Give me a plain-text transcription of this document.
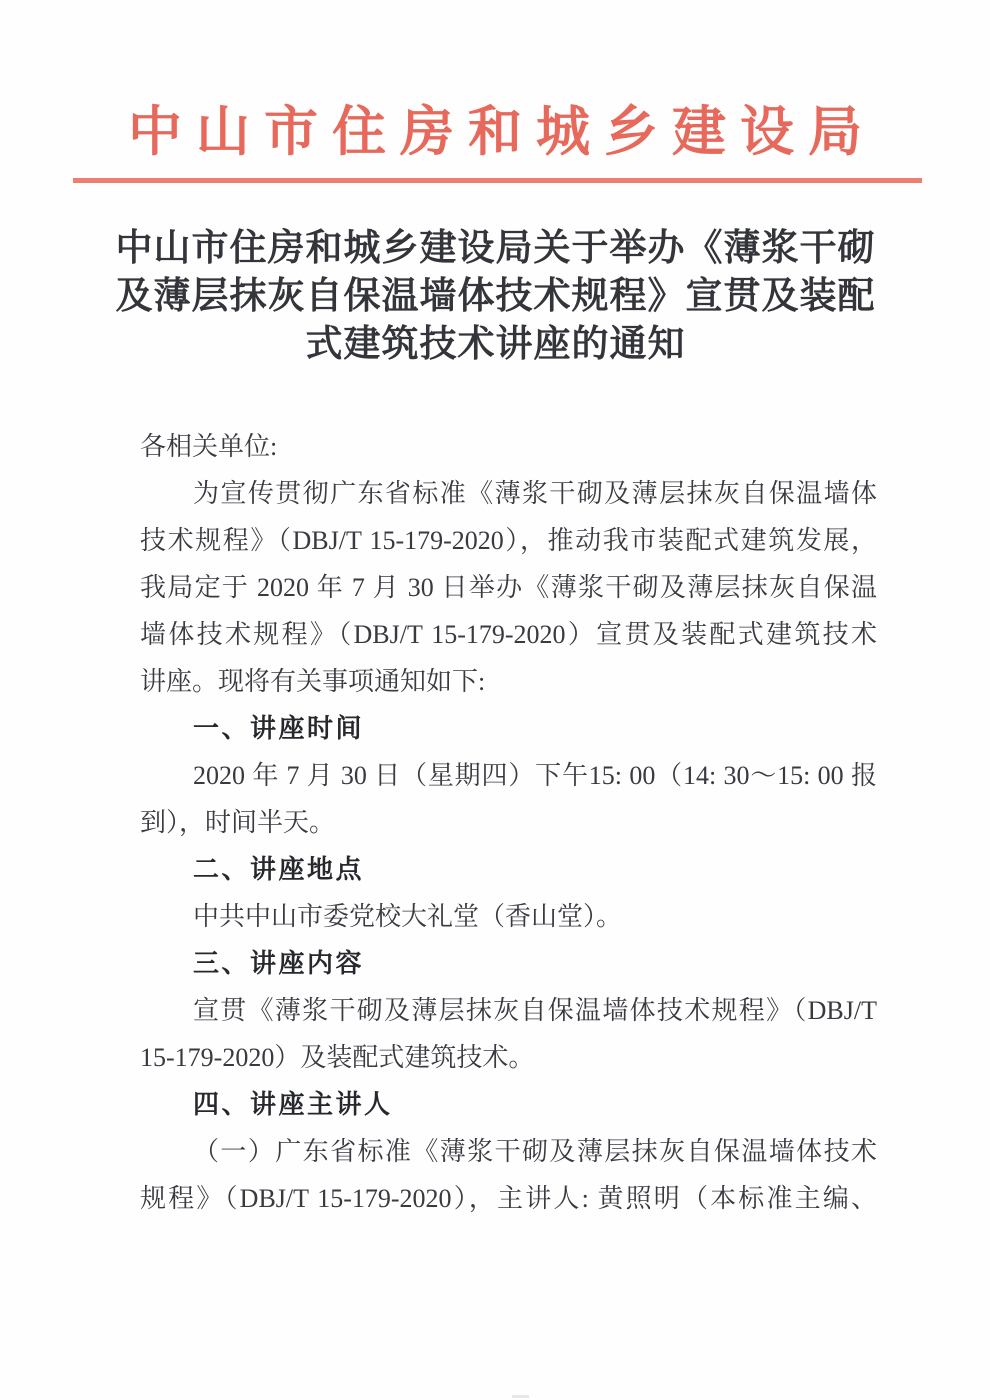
中山市住房和城乡建设局
中山市住房和城乡建设局关于举办《薄浆干砌
及薄层抹灰自保温墙体技术规程》宣贯及装配
式建筑技术讲座的通知
各相关单位:
为宣传贯彻广东省标准《薄浆干砌及薄层抹灰自保温墙体
技术规程》（DBJ/T 15-179-2020），推动我市装配式建筑发展，
我局定于 2020 年 7 月 30 日举办《薄浆干砌及薄层抹灰自保温
墙体技术规程》（DBJ/T 15-179-2020）宣贯及装配式建筑技术
讲座。现将有关事项通知如下:
一、讲座时间
2020 年 7 月 30 日（星期四）下午15: 00（14: 30～15: 00 报
到），时间半天。
二、讲座地点
中共中山市委党校大礼堂（香山堂）。
三、讲座内容
宣贯《薄浆干砌及薄层抹灰自保温墙体技术规程》（DBJ/T
15-179-2020）及装配式建筑技术。
四、讲座主讲人
（一）广东省标准《薄浆干砌及薄层抹灰自保温墙体技术
规程》（DBJ/T 15-179-2020），主讲人: 黄照明（本标准主编、
